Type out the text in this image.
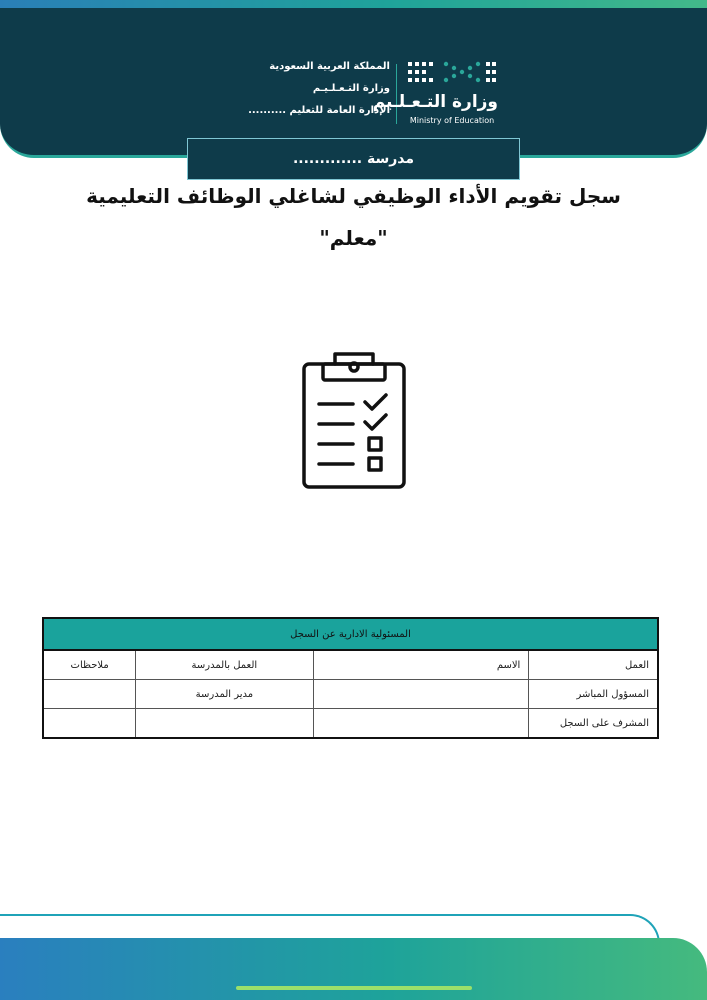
المملكة العربية السعودية
وزارة التـعـلـيـم
الإدارة العامة للتعليم ..........
وزارة التـعـلـيم
Ministry of Education
مدرسة .............
سجل تقويم الأداء الوظيفي لشاغلي الوظائف التعليمية
"معلم"
المسئولية الادارية عن السجل			
العمل	الاسم	العمل بالمدرسة	ملاحظات
المسؤول المباشر		مدير المدرسة	
المشرف على السجل			
